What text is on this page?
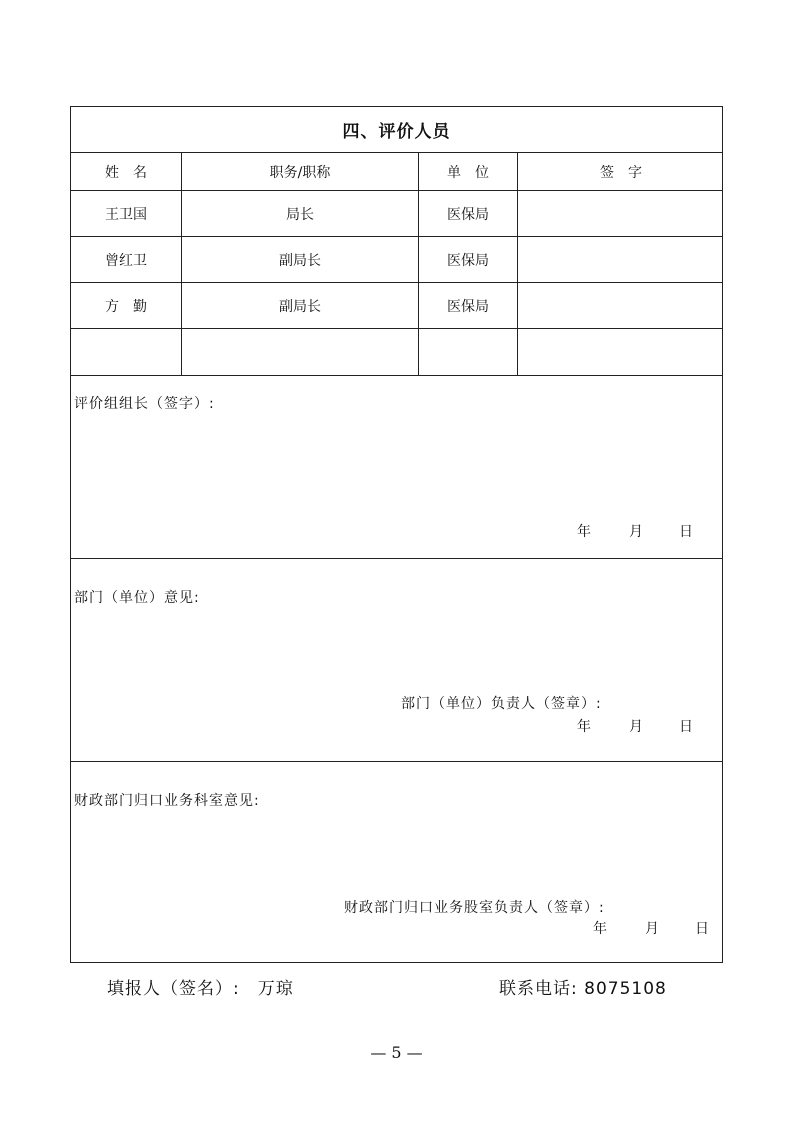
四、评价人员
姓　名	职务/职称	单　位	签　字
王卫国	局长	医保局
曾红卫	副局长	医保局
方　勤	副局长	医保局
评价组组长（签字）:
年	月	日
部门（单位）意见:
部门（单位）负责人（签章）:
年	月	日
财政部门归口业务科室意见:
财政部门归口业务股室负责人（签章）:
年	月	日
填报人（签名）:　万琼	联系电话: 8075108
— 5 —
